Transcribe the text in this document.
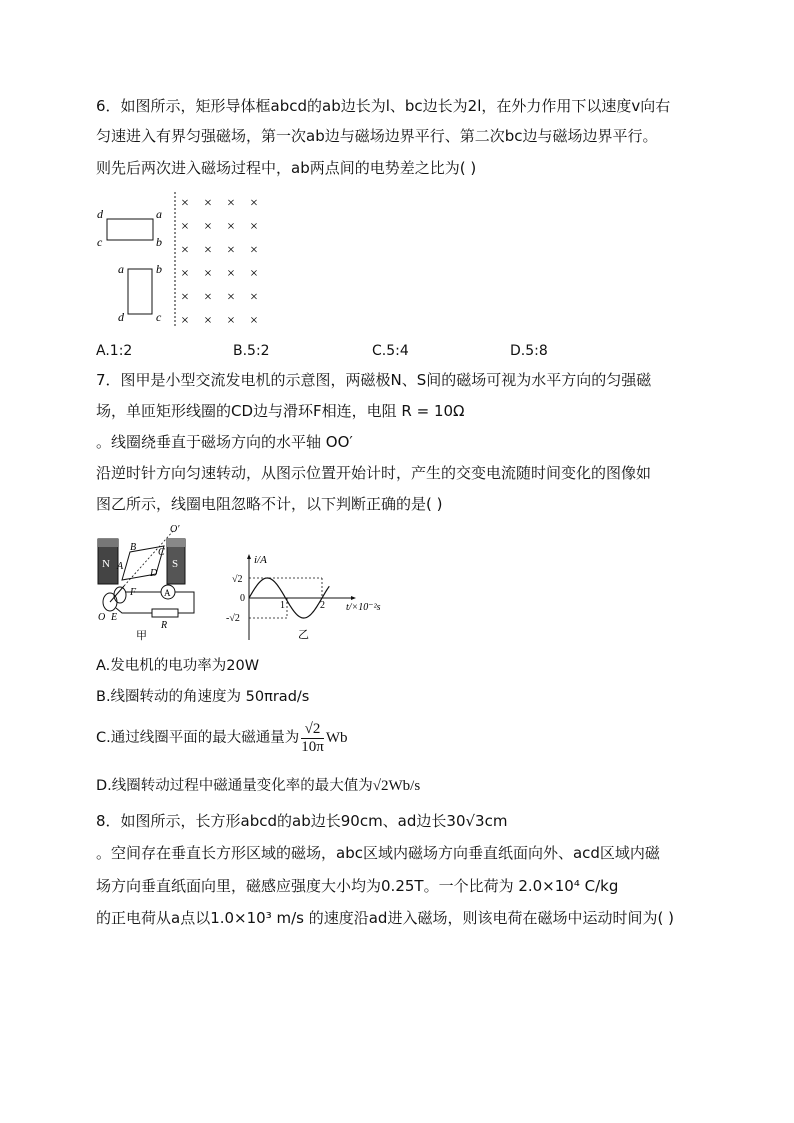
6．如图所示，矩形导体框abcd的ab边长为l、bc边长为2l，在外力作用下以速度v向右
匀速进入有界匀强磁场，第一次ab边与磁场边界平行、第二次bc边与磁场边界平行。
则先后两次进入磁场过程中，ab两点间的电势差之比为( )
d	a
c	b
a	b
d	c
× × × ×
× × × ×
× × × ×
× × × ×
× × × ×
× × × ×
A.1:2	B.5:2	C.5:4	D.5:8
7．图甲是小型交流发电机的示意图，两磁极N、S间的磁场可视为水平方向的匀强磁
场，单匝矩形线圈的CD边与滑环F相连，电阻 R = 10Ω
。线圈绕垂直于磁场方向的水平轴 OO′
沿逆时针方向匀速转动，从图示位置开始计时，产生的交变电流随时间变化的图像如
图乙所示，线圈电阻忽略不计，以下判断正确的是( )
N	S
A
B C
D
O′
F	A
O E
R
甲
i/A
√2
0
-√2
1	2 t/×10⁻²s
乙
A.发电机的电功率为20W
B.线圈转动的角速度为 50πrad/s
C.通过线圈平面的最大磁通量为 $\frac{√2}{10\pi}$ Wb
D.线圈转动过程中磁通量变化率的最大值为√2Wb/s
8．如图所示，长方形abcd的ab边长90cm、ad边长30√3cm
。空间存在垂直长方形区域的磁场，abc区域内磁场方向垂直纸面向外、acd区域内磁
场方向垂直纸面向里，磁感应强度大小均为0.25T。一个比荷为 2.0×10⁴ C/kg
的正电荷从a点以1.0×10³ m/s 的速度沿ad进入磁场，则该电荷在磁场中运动时间为( )
